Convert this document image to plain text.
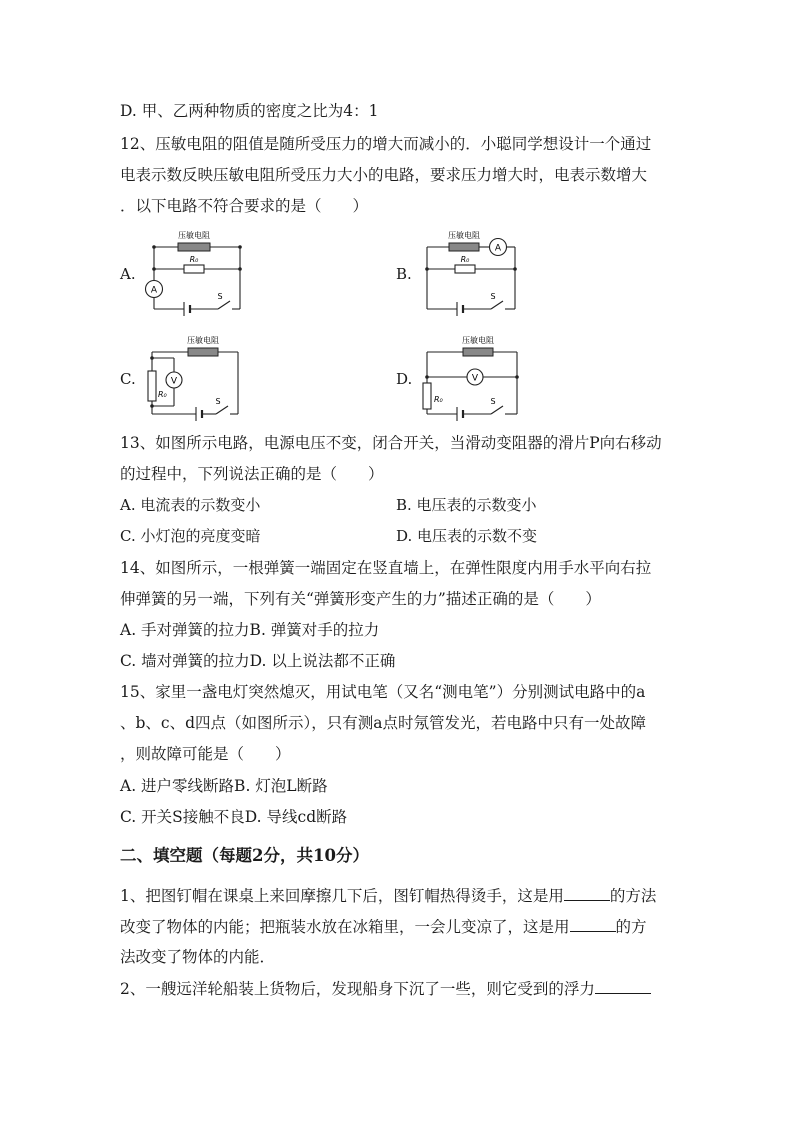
D. 甲、乙两种物质的密度之比为4：1
12、压敏电阻的阻值是随所受压力的增大而减小的．小聪同学想设计一个通过
电表示数反映压敏电阻所受压力大小的电路，要求压力增大时，电表示数增大
．以下电路不符合要求的是（　　）
A.
压敏电阻
R₀
A
S
B.
压敏电阻
R₀
A
S
C.
压敏电阻
R₀
V
S
D.
压敏电阻
R₀
V
S
13、如图所示电路，电源电压不变，闭合开关，当滑动变阻器的滑片P向右移动
的过程中，下列说法正确的是（　　）
A. 电流表的示数变小	B. 电压表的示数变小
C. 小灯泡的亮度变暗	D. 电压表的示数不变
14、如图所示，一根弹簧一端固定在竖直墙上，在弹性限度内用手水平向右拉
伸弹簧的另一端，下列有关“弹簧形变产生的力”描述正确的是（　　）
A. 手对弹簧的拉力B. 弹簧对手的拉力
C. 墙对弹簧的拉力D. 以上说法都不正确
15、家里一盏电灯突然熄灭，用试电笔（又名“测电笔”）分别测试电路中的a
、b、c、d四点（如图所示），只有测a点时氖管发光，若电路中只有一处故障
，则故障可能是（　　）
A. 进户零线断路B. 灯泡L断路
C. 开关S接触不良D. 导线cd断路
二、填空题（每题2分，共10分）
1、把图钉帽在课桌上来回摩擦几下后，图钉帽热得烫手，这是用	的方法
改变了物体的内能；把瓶装水放在冰箱里，一会儿变凉了，这是用	的方
法改变了物体的内能．
2、一艘远洋轮船装上货物后，发现船身下沉了一些，则它受到的浮力
